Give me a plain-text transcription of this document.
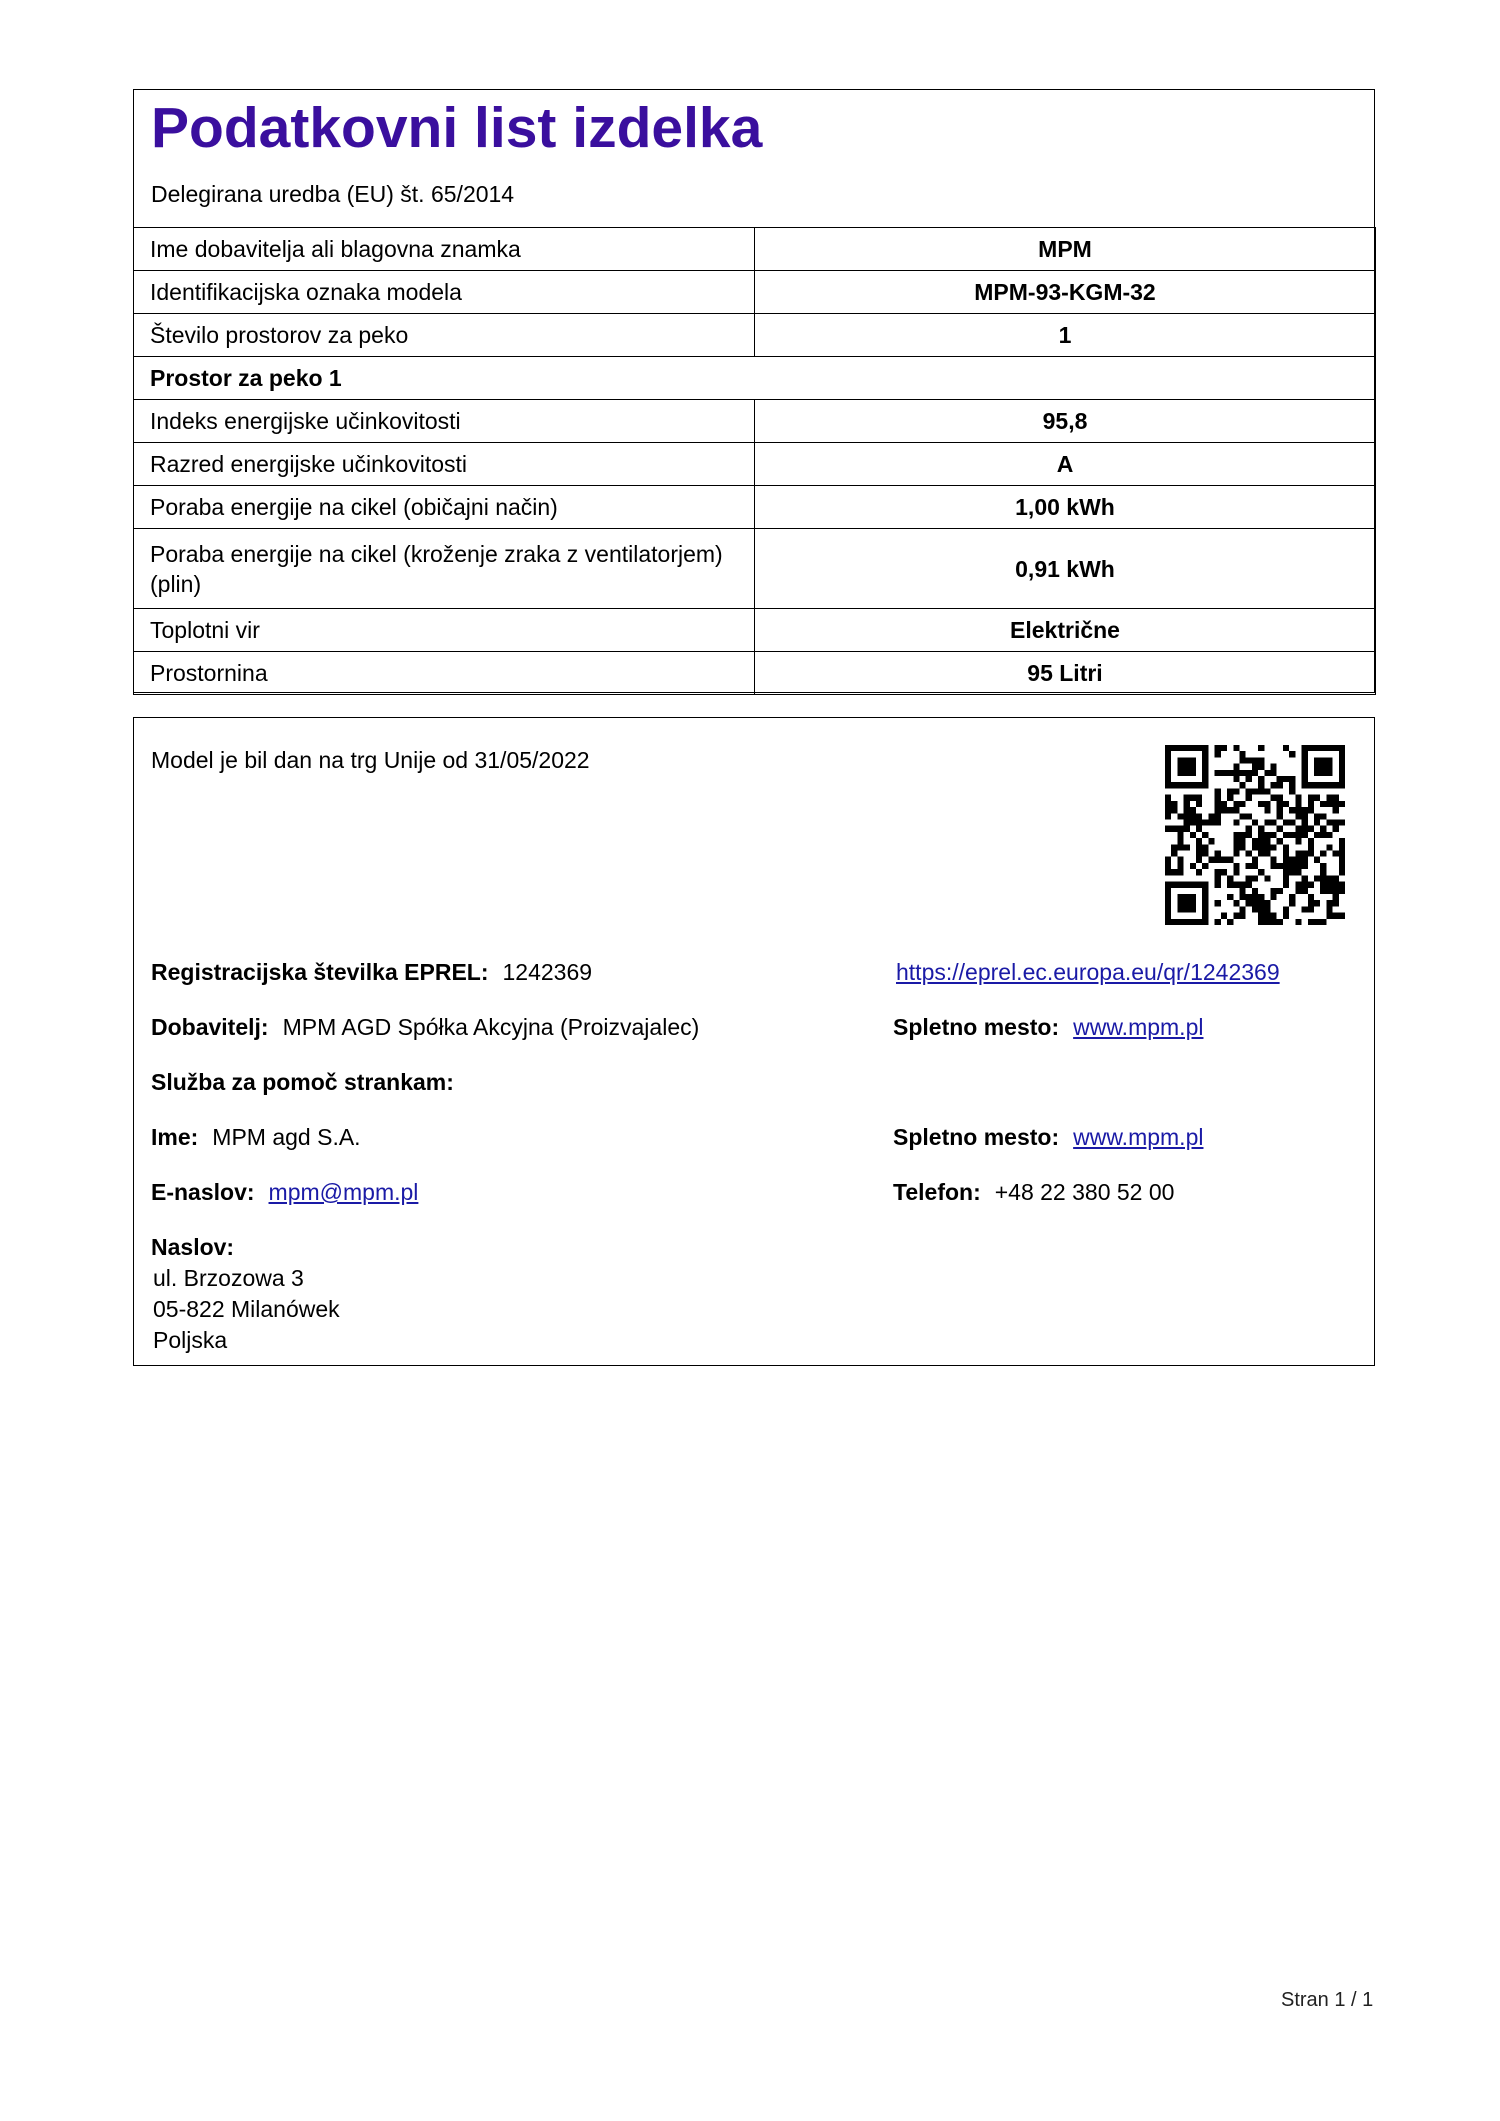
Podatkovni list izdelka
Delegirana uredba (EU) št. 65/2014
Ime dobavitelja ali blagovna znamka	MPM
Identifikacijska oznaka modela	MPM-93-KGM-32
Število prostorov za peko	1
Prostor za peko 1	
Indeks energijske učinkovitosti	95,8
Razred energijske učinkovitosti	A
Poraba energije na cikel (običajni način)	1,00 kWh
Poraba energije na cikel (kroženje zraka z ventilatorjem) (plin)	0,91 kWh
Toplotni vir	Električne
Prostornina	95 Litri
Model je bil dan na trg Unije od 31/05/2022
Registracijska številka EPREL: 1242369	https://eprel.ec.europa.eu/qr/1242369
Dobavitelj: MPM AGD Spółka Akcyjna (Proizvajalec)	Spletno mesto: www.mpm.pl
Služba za pomoč strankam:
Ime: MPM agd S.A.	Spletno mesto: www.mpm.pl
E-naslov: mpm@mpm.pl	Telefon: +48 22 380 52 00
Naslov:
ul. Brzozowa 3
05-822 Milanówek
Poljska
Stran 1 / 1
